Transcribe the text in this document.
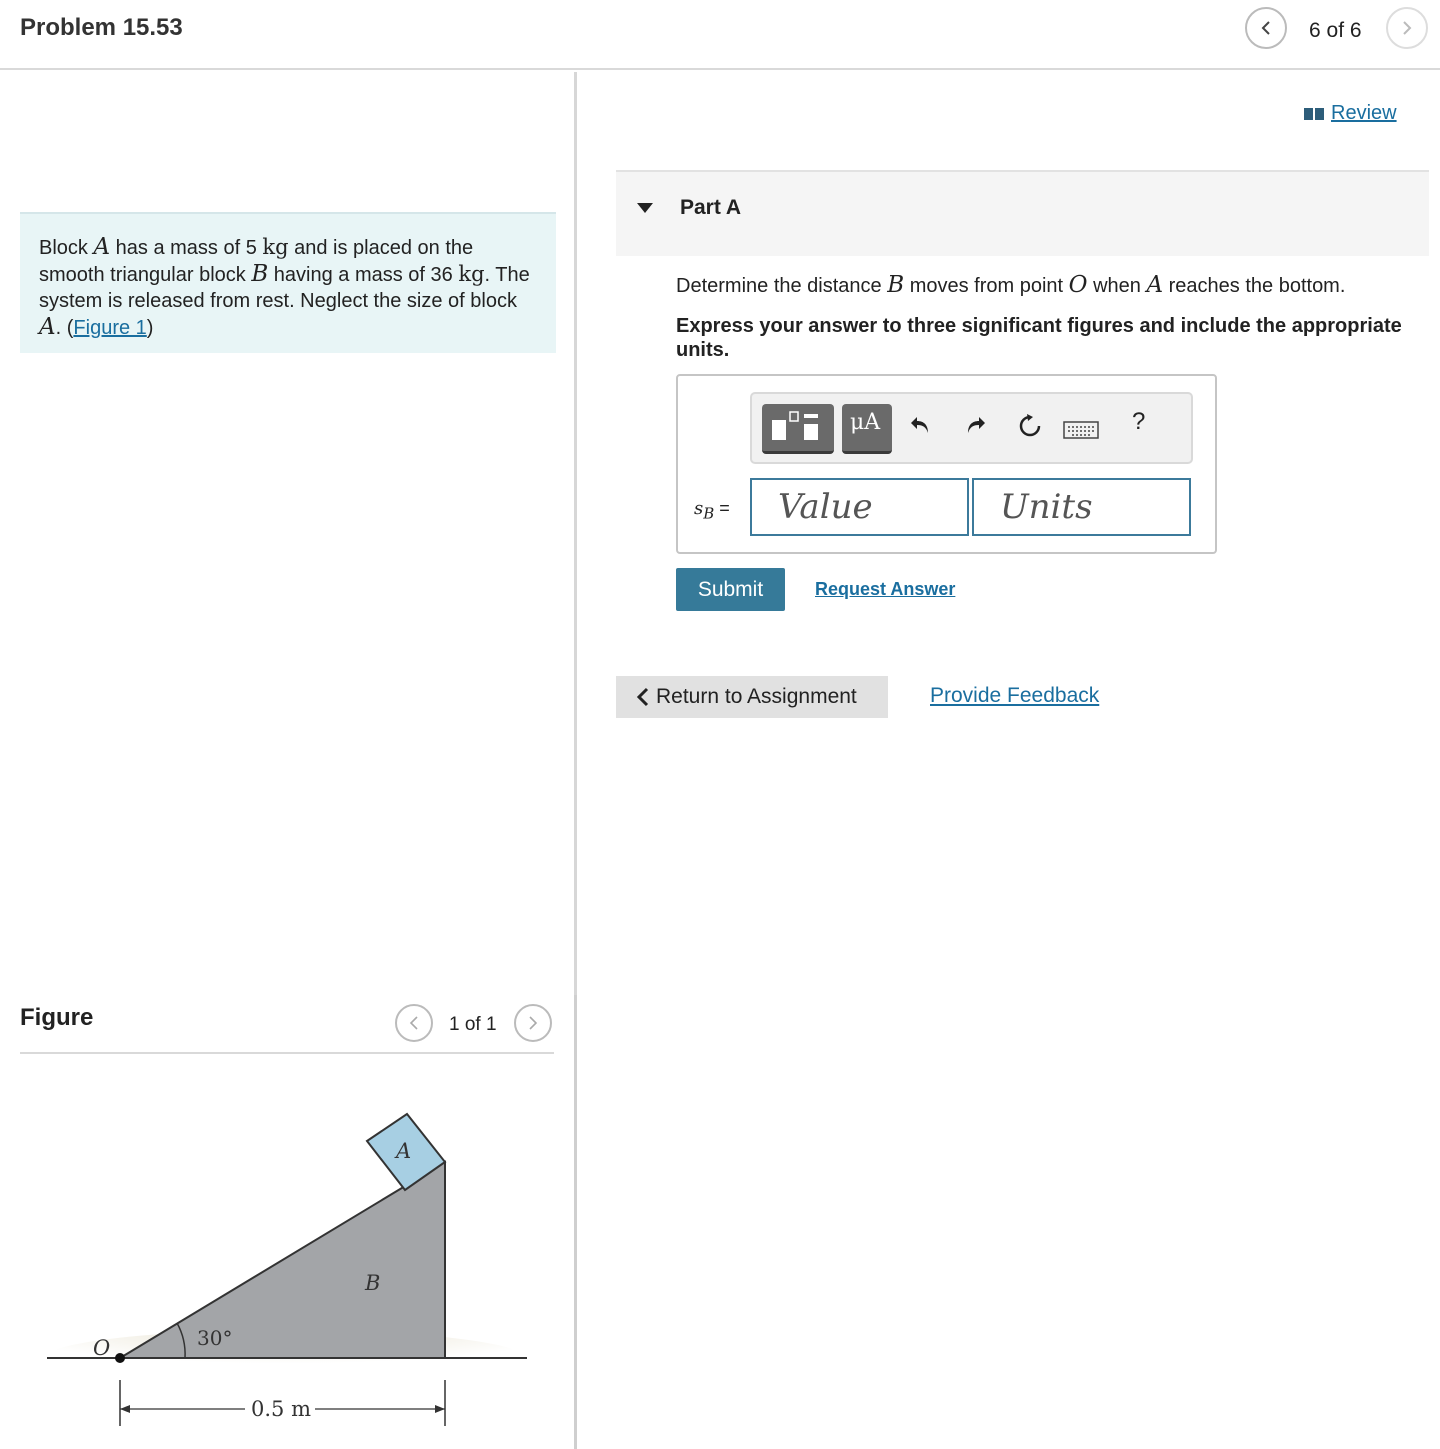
Problem 15.53	6 of 6
Block A has a mass of 5 kg and is placed on the smooth triangular block B having a mass of 36 kg. The system is released from rest. Neglect the size of block A. (Figure 1)
Figure	1 of 1
A
B
O	30°
0.5 m
Review
Part A
Determine the distance B moves from point O when A reaches the bottom.
Express your answer to three significant figures and include the appropriate units.
μA	?
$s_B$ =
Value
Units
Submit	Request Answer
Return to Assignment	Provide Feedback
